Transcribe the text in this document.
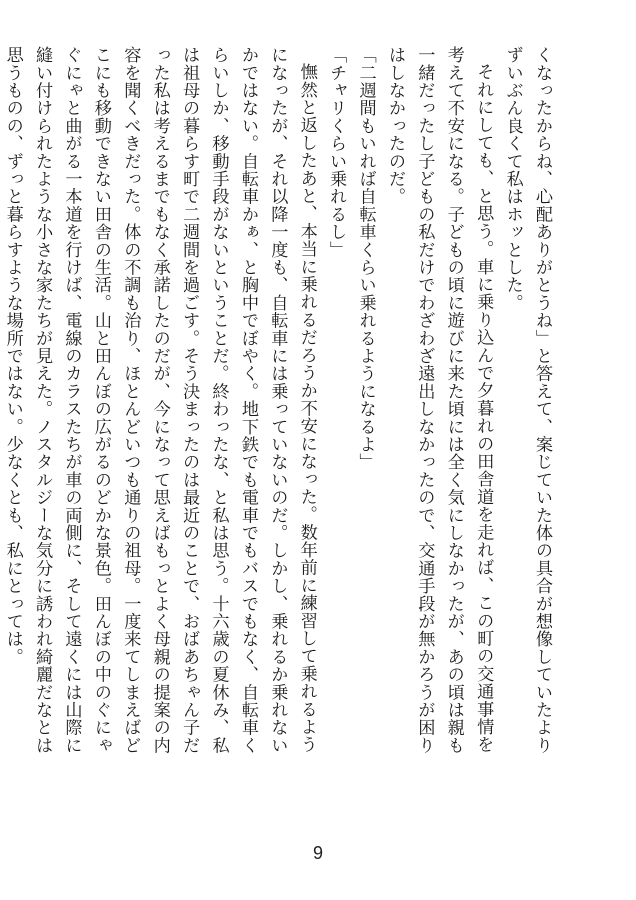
くなったからね、心配ありがとうね」と答えて、案じていた体の具合が想像していたよりずいぶん良くて私はホッとした。

それにしても、と思う。車に乗り込んで夕暮れの田舎道を走れば、この町の交通事情を考えて不安になる。子どもの頃に遊びに来た頃には全く気にしなかったが、あの頃は親も一緒だったし子どもの私だけでわざわざ遠出しなかったので、交通手段が無かろうが困りはしなかったのだ。

「二週間もいれば自転車くらい乗れるようになるよ」

「チャリくらい乗れるし」

憮然と返したあと、本当に乗れるだろうか不安になった。数年前に練習して乗れるようになったが、それ以降一度も、自転車には乗っていないのだ。しかし、乗れるか乗れないかではない。自転車かぁ、と胸中でぼやく。地下鉄でも電車でもバスでもなく、自転車くらいしか、移動手段がないということだ。終わったな、と私は思う。十六歳の夏休み、私は祖母の暮らす町で二週間を過ごす。そう決まったのは最近のことで、おばあちゃん子だった私は考えるまでもなく承諾したのだが、今になって思えばもっとよく母親の提案の内容を聞くべきだった。体の不調も治り、ほとんどいつも通りの祖母。一度来てしまえばどこにも移動できない田舎の生活。山と田んぼの広がるのどかな景色。田んぼの中のぐにゃぐにゃと曲がる一本道を行けば、電線のカラスたちが車の両側に、そして遠くには山際に縫い付けられたような小さな家たちが見えた。ノスタルジーな気分に誘われ綺麗だなとは思うものの、ずっと暮らすような場所ではない。少なくとも、私にとっては。

9
